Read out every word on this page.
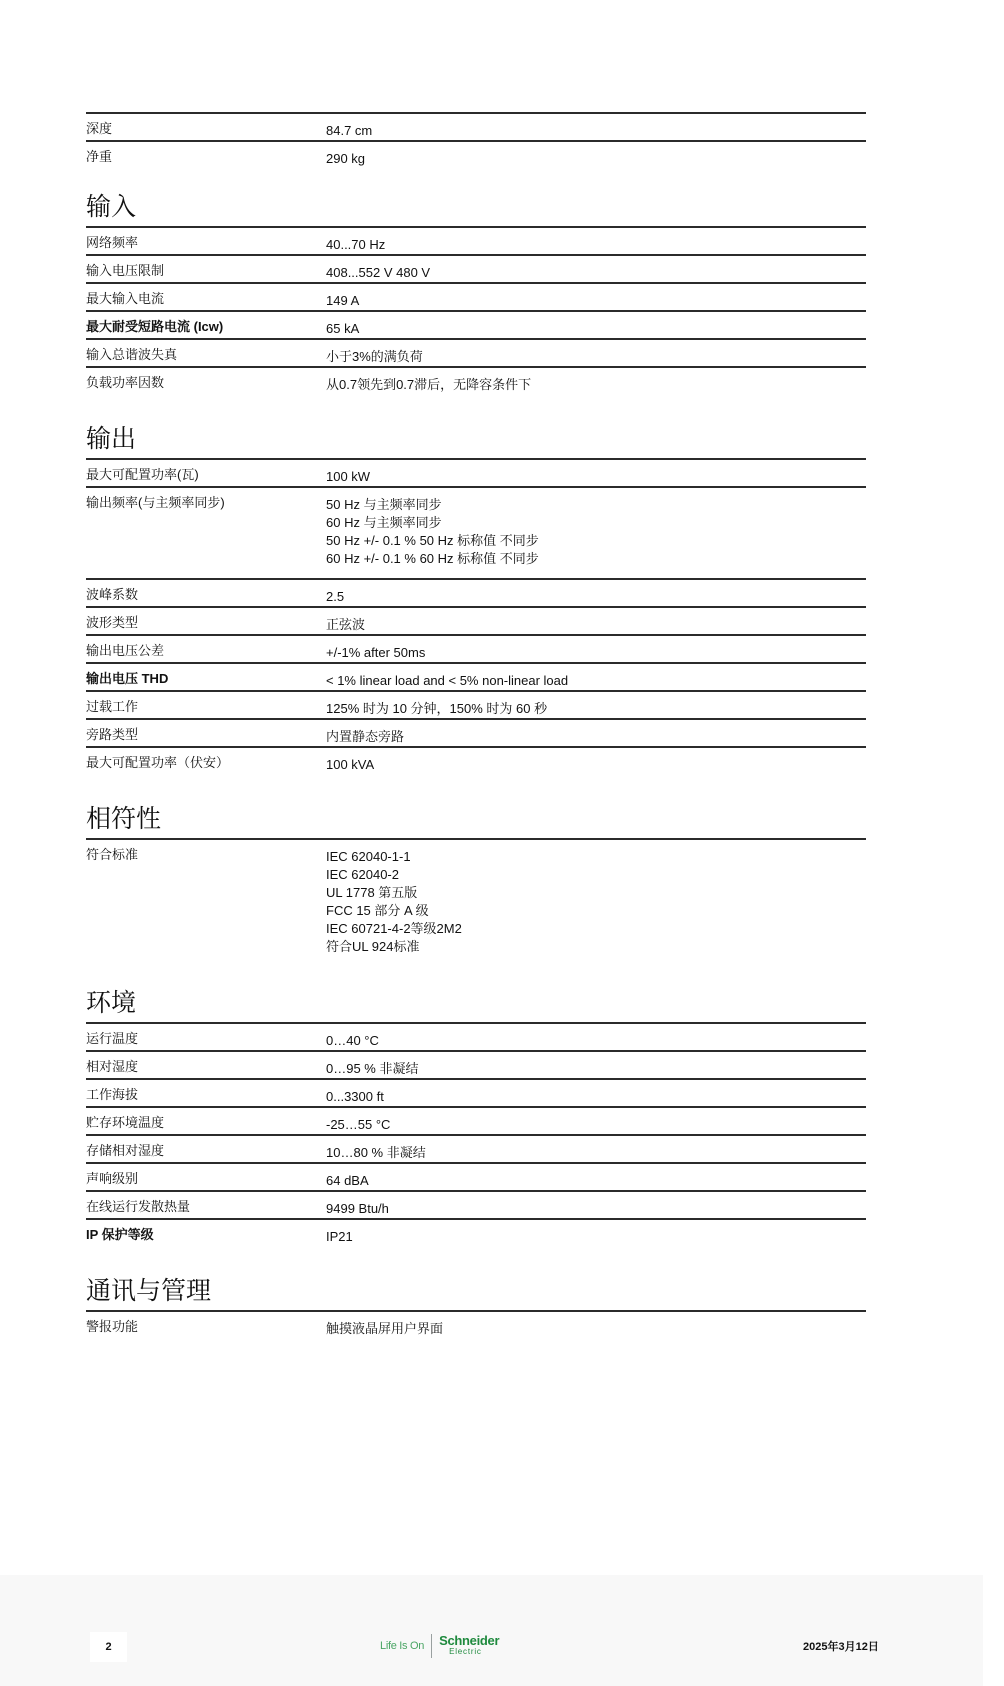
深度	84.7 cm
净重	290 kg
输入
网络频率	40...70 Hz
输入电压限制	408...552 V 480 V
最大输入电流	149 A
最大耐受短路电流 (Icw)	65 kA
输入总谐波失真	小于3%的满负荷
负载功率因数	从0.7领先到0.7滞后，无降容条件下
输出
最大可配置功率(瓦)	100 kW
输出频率(与主频率同步)	50 Hz 与主频率同步
60 Hz 与主频率同步
50 Hz +/- 0.1 % 50 Hz 标称值 不同步
60 Hz +/- 0.1 % 60 Hz 标称值 不同步
波峰系数	2.5
波形类型	正弦波
输出电压公差	+/-1% after 50ms
输出电压 THD	< 1% linear load and < 5% non-linear load
过载工作	125% 时为 10 分钟，150% 时为 60 秒
旁路类型	内置静态旁路
最大可配置功率（伏安）	100 kVA
相符性
符合标准	IEC 62040-1-1
IEC 62040-2
UL 1778 第五版
FCC 15 部分 A 级
IEC 60721-4-2等级2M2
符合UL 924标准
环境
运行温度	0…40 °C
相对湿度	0…95 % 非凝结
工作海拔	0...3300 ft
贮存环境温度	-25…55 °C
存储相对湿度	10…80 % 非凝结
声响级别	64 dBA
在线运行发散热量	9499 Btu/h
IP 保护等级	IP21
通讯与管理
警报功能	触摸液晶屏用户界面
2	Life Is On Schneider
Electric	2025年3月12日
